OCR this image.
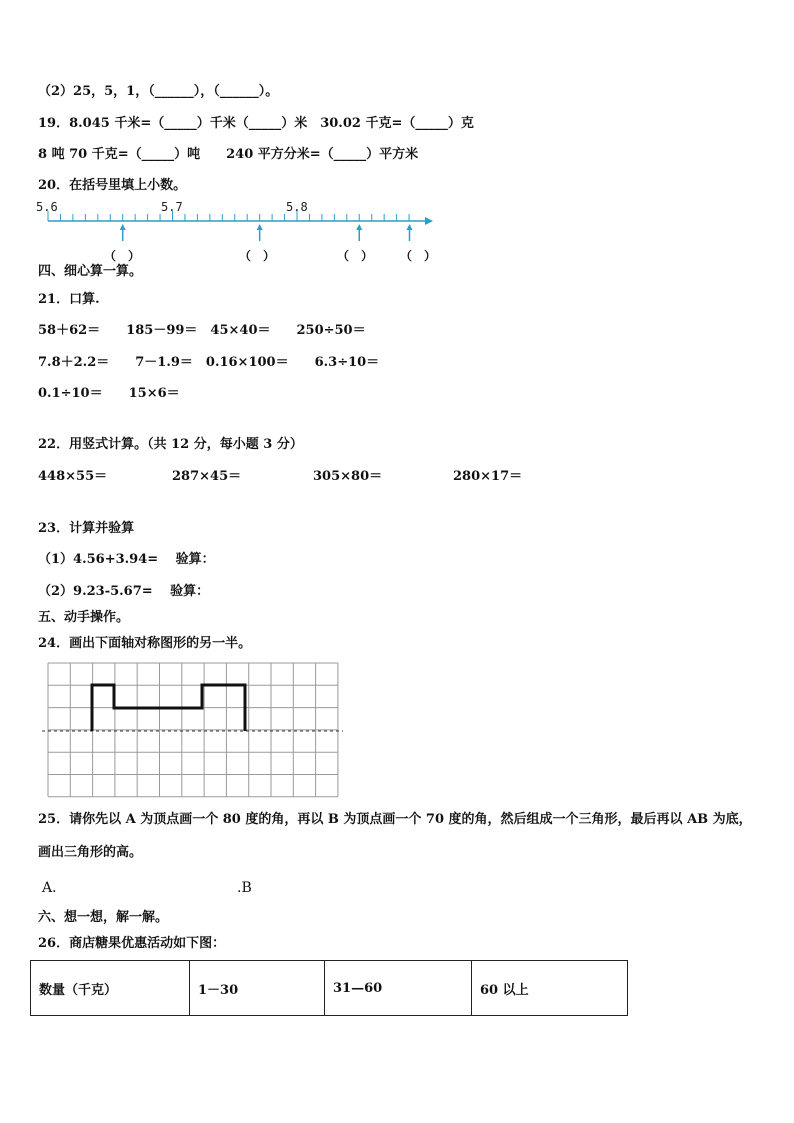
（2）25，5，1，（______），（______）。
19．8.045 千米=（_____）千米（_____）米　30.02 千克=（_____）克
8 吨 70 千克=（_____）吨　　240 平方分米=（_____）平方米
20．在括号里填上小数。
5.6	5.7	5.8
（　）	（　）	（　） （　）
四、细心算一算。
21．口算.
58＋62＝　　185－99＝　45×40＝　　250÷50＝
7.8＋2.2＝　　7－1.9＝　0.16×100＝　　6.3÷10＝
0.1÷10＝　　15×6＝
22．用竖式计算。（共 12 分，每小题 3 分）
448×55＝	287×45＝	305×80＝	280×17＝
23．计算并验算
（1）4.56+3.94=　 验算：
（2）9.23-5.67=　 验算：
五、动手操作。
24．画出下面轴对称图形的另一半。
25．请你先以 A 为顶点画一个 80 度的角，再以 B 为顶点画一个 70 度的角，然后组成一个三角形，最后再以 AB 为底，
画出三角形的高。
A．	.B
六、想一想，解一解。
26．商店糖果优惠活动如下图：
数量（千克）	1－30	31—60	60 以上
